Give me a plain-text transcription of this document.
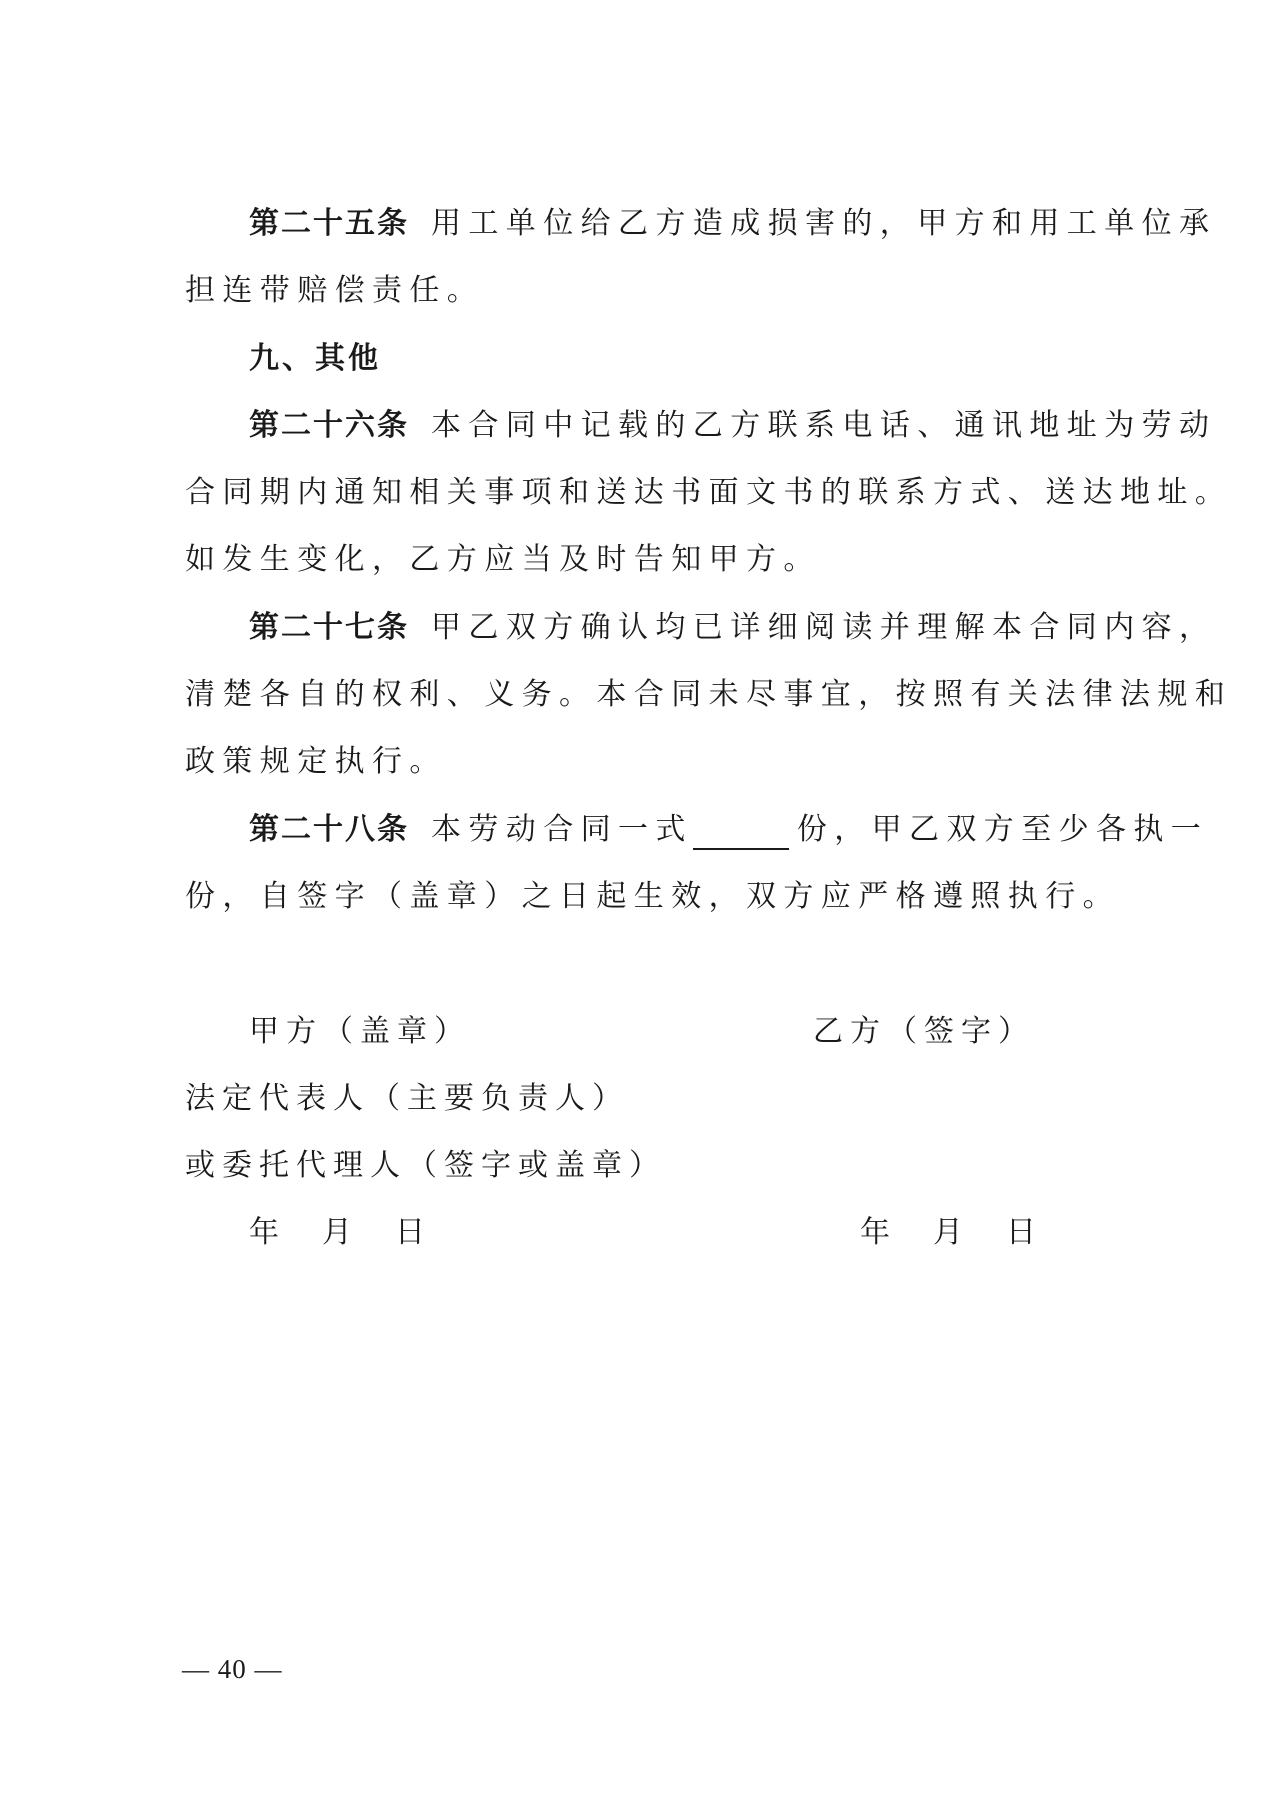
第二十五条 用工单位给乙方造成损害的，甲方和用工单位承
担连带赔偿责任。
九、其他
第二十六条 本合同中记载的乙方联系电话、通讯地址为劳动
合同期内通知相关事项和送达书面文书的联系方式、送达地址。
如发生变化，乙方应当及时告知甲方。
第二十七条 甲乙双方确认均已详细阅读并理解本合同内容，
清楚各自的权利、义务。本合同未尽事宜，按照有关法律法规和
政策规定执行。
第二十八条 本劳动合同一式	份，甲乙双方至少各执一
份，自签字（盖章）之日起生效，双方应严格遵照执行。
甲方（盖章）	乙方（签字）
法定代表人（主要负责人）
或委托代理人（签字或盖章）
年 月 日	年 月 日
— 40 —
